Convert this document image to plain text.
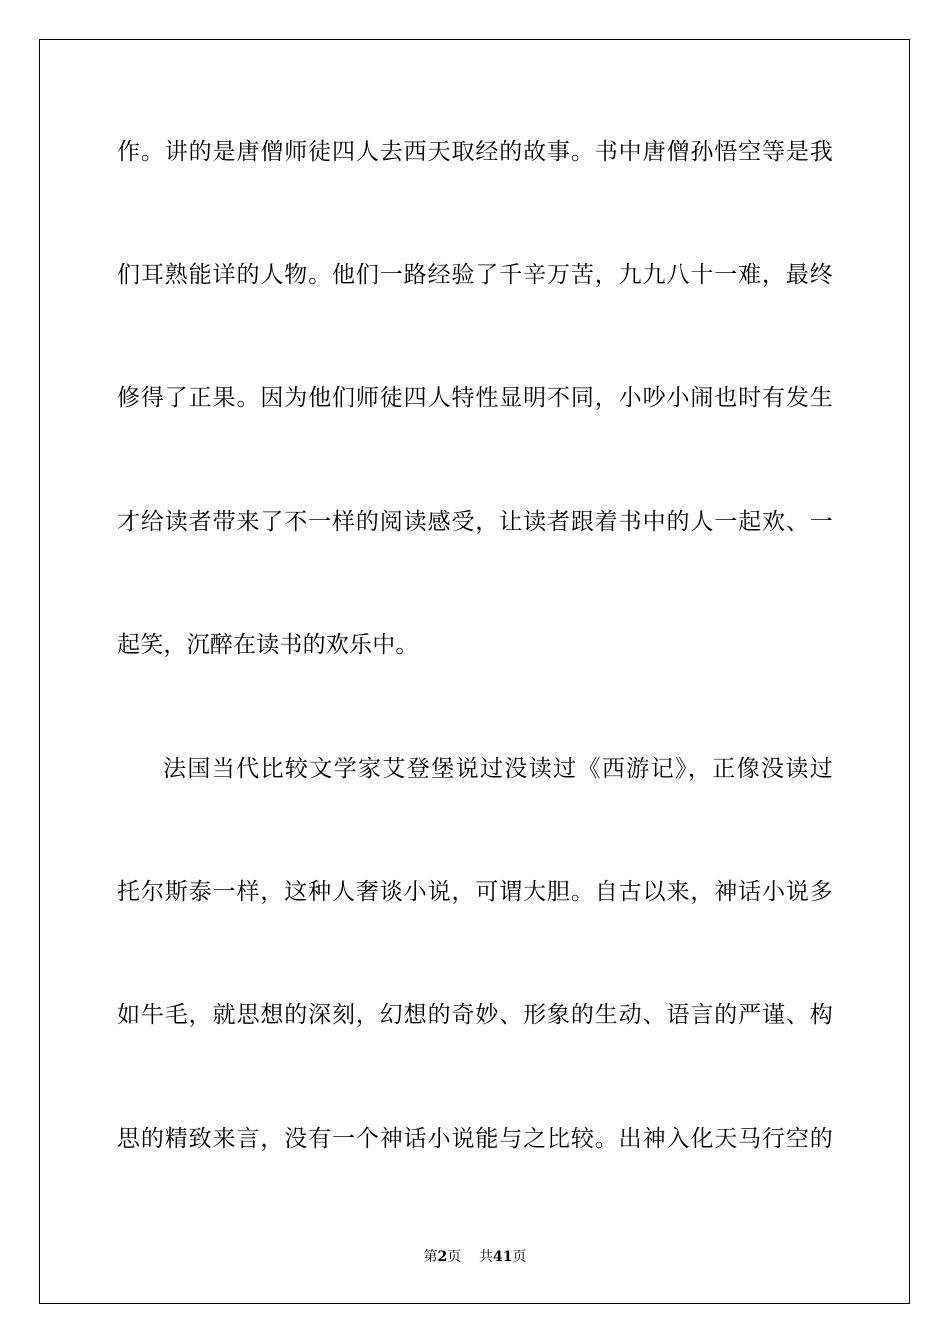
作。讲的是唐僧师徒四人去西天取经的故事。书中唐僧孙悟空等是我
们耳熟能详的人物。他们一路经验了千辛万苦，九九八十一难，最终
修得了正果。因为他们师徒四人特性显明不同，小吵小闹也时有发生
才给读者带来了不一样的阅读感受，让读者跟着书中的人一起欢、一
起笑，沉醉在读书的欢乐中。
法国当代比较文学家艾登堡说过没读过《西游记》，正像没读过
托尔斯泰一样，这种人奢谈小说，可谓大胆。自古以来，神话小说多
如牛毛，就思想的深刻，幻想的奇妙、形象的生动、语言的严谨、构
思的精致来言，没有一个神话小说能与之比较。出神入化天马行空的
第2页 共41页
